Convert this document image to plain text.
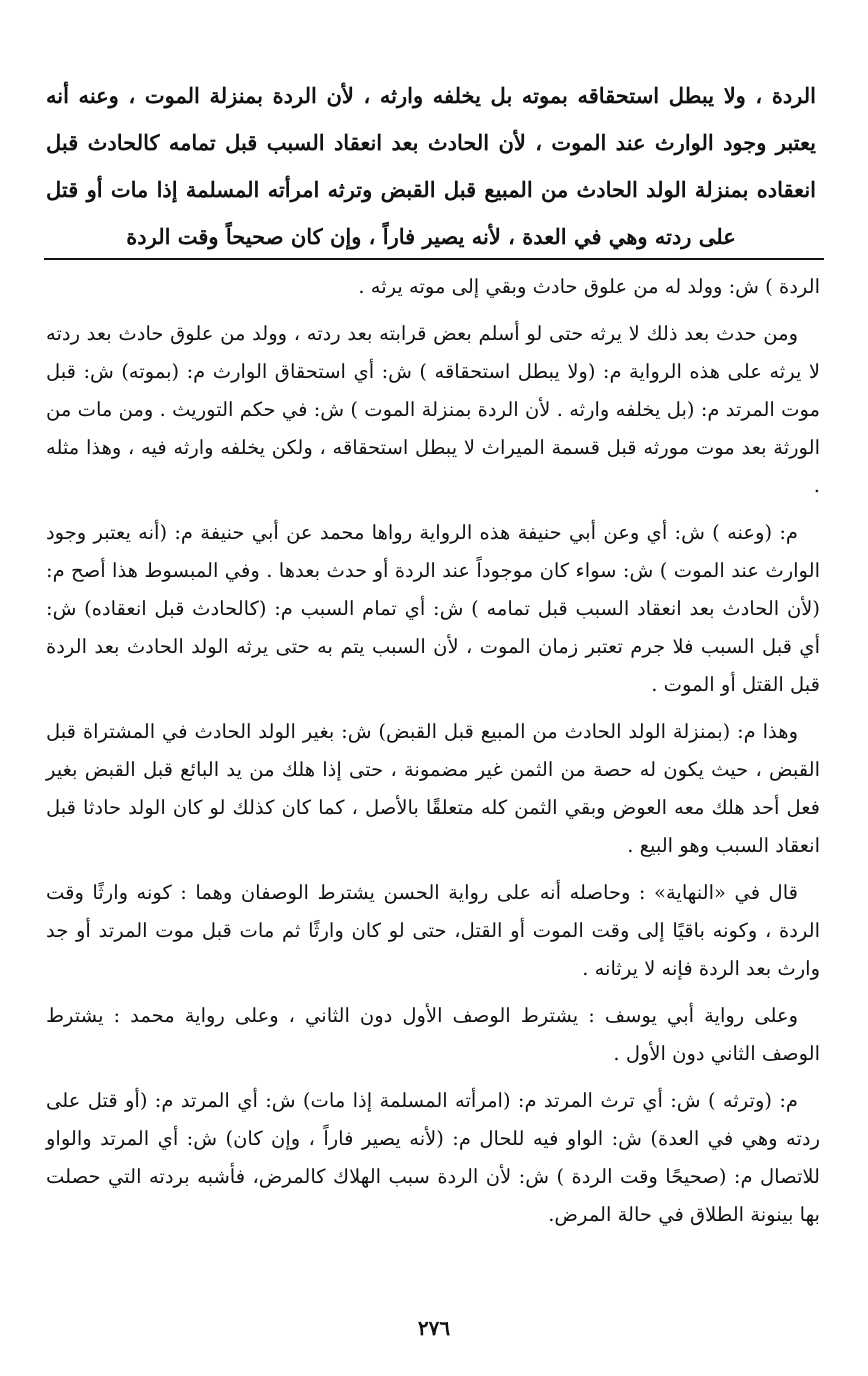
الردة ، ولا يبطل استحقاقه بموته بل يخلفه وارثه ، لأن الردة بمنزلة الموت ، وعنه أنه يعتبر وجود الوارث عند الموت ، لأن الحادث بعد انعقاد السبب قبل تمامه كالحادث قبل انعقاده بمنزلة الولد الحادث من المبيع قبل القبض وترثه امرأته المسلمة إذا مات أو قتل على ردته وهي في العدة ، لأنه يصير فاراً ، وإن كان صحيحاً وقت الردة

الردة ) ش: وولد له من علوق حادث وبقي إلى موته يرثه .

ومن حدث بعد ذلك لا يرثه حتى لو أسلم بعض قرابته بعد ردته ، وولد من علوق حادث بعد ردته لا يرثه على هذه الرواية م: (ولا يبطل استحقاقه ) ش: أي استحقاق الوارث م: (بموته) ش: قبل موت المرتد م: (بل يخلفه وارثه . لأن الردة بمنزلة الموت ) ش: في حكم التوريث . ومن مات من الورثة بعد موت مورثه قبل قسمة الميراث لا يبطل استحقاقه ، ولكن يخلفه وارثه فيه ، وهذا مثله .

م: (وعنه ) ش: أي وعن أبي حنيفة هذه الرواية رواها محمد عن أبي حنيفة م: (أنه يعتبر وجود الوارث عند الموت ) ش: سواء كان موجوداً عند الردة أو حدث بعدها . وفي المبسوط هذا أصح م: (لأن الحادث بعد انعقاد السبب قبل تمامه ) ش: أي تمام السبب م: (كالحادث قبل انعقاده) ش: أي قبل السبب فلا جرم تعتبر زمان الموت ، لأن السبب يتم به حتى يرثه الولد الحادث بعد الردة قبل القتل أو الموت .

وهذا م: (بمنزلة الولد الحادث من المبيع قبل القبض) ش: بغير الولد الحادث في المشتراة قبل القبض ، حيث يكون له حصة من الثمن غير مضمونة ، حتى إذا هلك من يد البائع قبل القبض بغير فعل أحد هلك معه العوض وبقي الثمن كله متعلقًا بالأصل ، كما كان كذلك لو كان الولد حادثا قبل انعقاد السبب وهو البيع .

قال في «النهاية» : وحاصله أنه على رواية الحسن يشترط الوصفان وهما : كونه وارثًا وقت الردة ، وكونه باقيًا إلى وقت الموت أو القتل، حتى لو كان وارثًا ثم مات قبل موت المرتد أو جد وارث بعد الردة فإنه لا يرثانه .

وعلى رواية أبي يوسف : يشترط الوصف الأول دون الثاني ، وعلى رواية محمد : يشترط الوصف الثاني دون الأول .

م: (وترثه ) ش: أي ترث المرتد م: (امرأته المسلمة إذا مات) ش: أي المرتد م: (أو قتل على ردته وهي في العدة) ش: الواو فيه للحال م: (لأنه يصير فاراً ، وإن كان) ش: أي المرتد والواو للاتصال م: (صحيحًا وقت الردة ) ش: لأن الردة سبب الهلاك كالمرض، فأشبه بردته التي حصلت بها بينونة الطلاق في حالة المرض.

٢٧٦
